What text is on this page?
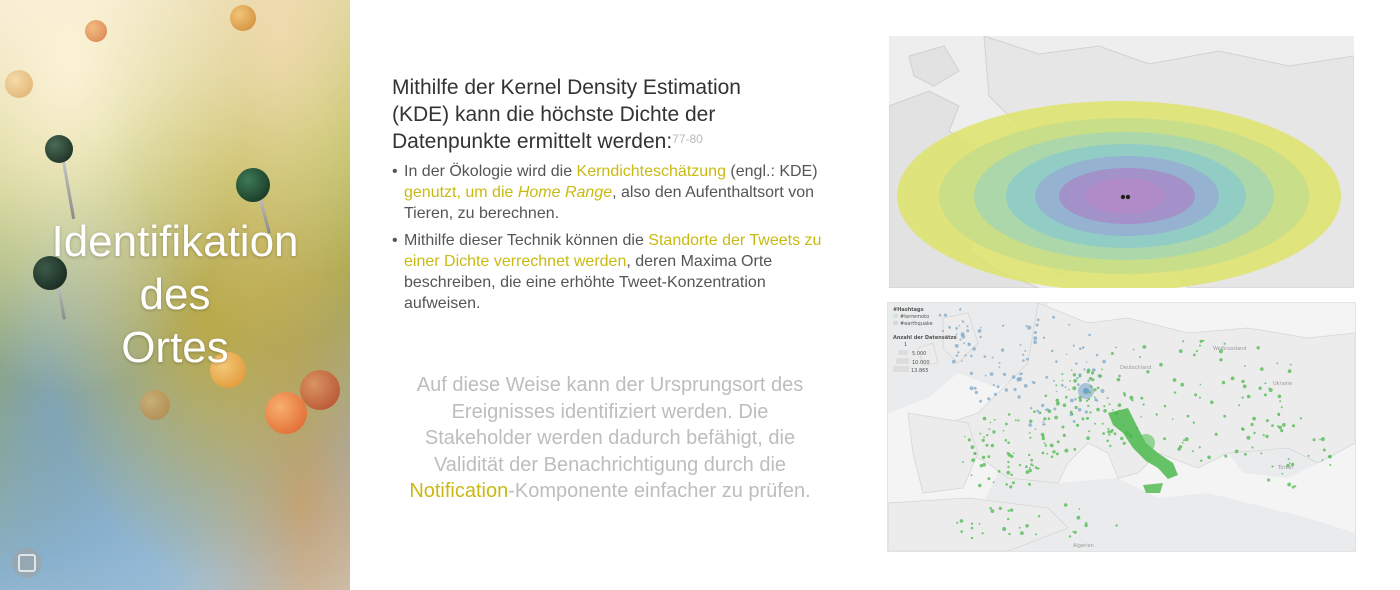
Identifikation
des
Ortes
Mithilfe der Kernel Density Estimation (KDE) kann die höchste Dichte der Datenpunkte ermittelt werden:$^{77-80}$

• In der Ökologie wird die Kerndichteschätzung (engl.: KDE) genutzt, um die Home Range, also den Aufenthaltsort von Tieren, zu berechnen.

• Mithilfe dieser Technik können die Standorte der Tweets zu einer Dichte verrechnet werden, deren Maxima Orte beschreiben, die eine erhöhte Tweet-Konzentration aufweisen.

Auf diese Weise kann der Ursprungsort des Ereignisses identifiziert werden. Die Stakeholder werden dadurch befähigt, die Validität der Benachrichtigung durch die Notification-Komponente einfacher zu prüfen.
#Hashtags
#terremoto
#earthquake
Anzahl der Datensätze
1
5.000
10.000
13.865
Weißrussland
Ukraine
Türkei
Algerien
Deutschland
